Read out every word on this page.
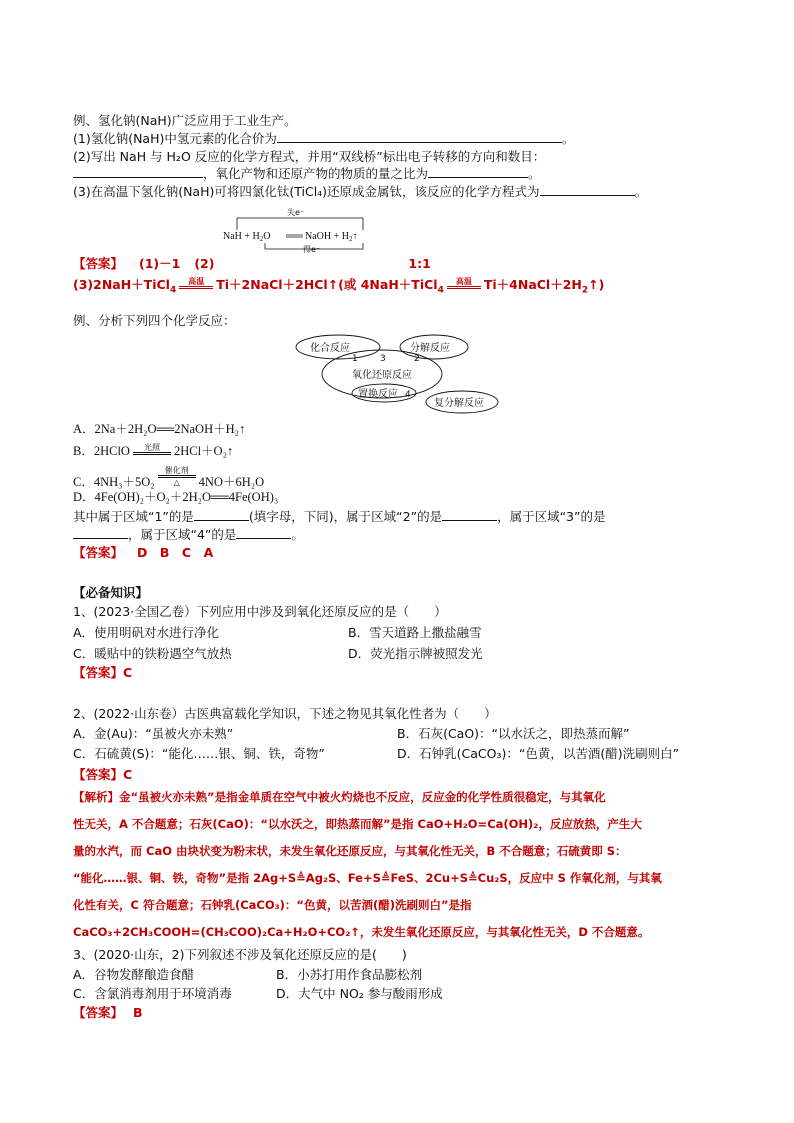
例、氢化钠(NaH)广泛应用于工业生产。
(1)氢化钠(NaH)中氢元素的化合价为	。
(2)写出 NaH 与 H₂O 反应的化学方程式，并用“双线桥”标出电子转移的方向和数目：
，氧化产物和还原产物的物质的量之比为	。
(3)在高温下氢化钠(NaH)可将四氯化钛(TiCl₄)还原成金属钛，该反应的化学方程式为	。
失e⁻
得e⁻
NaH + $H_2O$	NaOH + $H_2↑$
【答案】 (1)－1 (2)	1:1
(3)2NaH＋TiCl$_4$
高温 Ti＋2NaCl＋2HCl↑(或 4NaH＋TiCl$_4$
高温 $Ti+4NaCl+2H_2↑$)
例、分析下列四个化学反应：
化合反应	分解反应
1 3	2
氧化还原反应
置换反应 4
复分解反应
A．2Na＋2H₂O══2NaOH＋H₂↑
B．2HClO	光照	2HCl＋O₂↑
C．4NH₃＋5O₂
催化剂
△	4NO＋6H₂O
D．4Fe(OH)₂＋O₂＋2H₂O══4Fe(OH)₃
其中属于区域“1”的是	(填字母，下同)，属于区域“2”的是	，属于区域“3”的是
，属于区域“4”的是	。
【答案】 D　B　C　A
【必备知识】
1、(2023·全国乙卷）下列应用中涉及到氧化还原反应的是（　　）
A．使用明矾对水进行净化	B．雪天道路上撒盐融雪
C．暖贴中的铁粉遇空气放热	D．荧光指示牌被照发光
【答案】C
2、(2022·山东卷）古医典富载化学知识，下述之物见其氧化性者为（　　）
A．金(Au)：“虽被火亦未熟”	B．石灰(CaO)：“以水沃之，即热蒸而解”
C．石硫黄(S)：“能化……银、铜、铁，奇物”	D．石钟乳(CaCO₃)：“色黄，以苦酒(醋)洗刷则白”
【答案】C
【解析】金“虽被火亦未熟”是指金单质在空气中被火灼烧也不反应，反应金的化学性质很稳定，与其氧化
性无关，A 不合题意；石灰(CaO)：“以水沃之，即热蒸而解”是指 CaO+H₂O=Ca(OH)₂，反应放热，产生大
量的水汽，而 CaO 由块状变为粉末状，未发生氧化还原反应，与其氧化性无关，B 不合题意；石硫黄即 S：
“能化……银、铜、铁，奇物”是指 2Ag+S≜Ag₂S、Fe+S≜FeS、2Cu+S≜Cu₂S，反应中 S 作氧化剂，与其氧
化性有关，C 符合题意；石钟乳(CaCO₃)：“色黄，以苦酒(醋)洗刷则白”是指
CaCO₃+2CH₃COOH=(CH₃COO)₂Ca+H₂O+CO₂↑，未发生氧化还原反应，与其氧化性无关，D 不合题意。
3、(2020·山东，2)下列叙述不涉及氧化还原反应的是(　　)
A．谷物发酵酿造食醋	B．小苏打用作食品膨松剂
C．含氯消毒剂用于环境消毒	D．大气中 NO₂ 参与酸雨形成
【答案】 B
